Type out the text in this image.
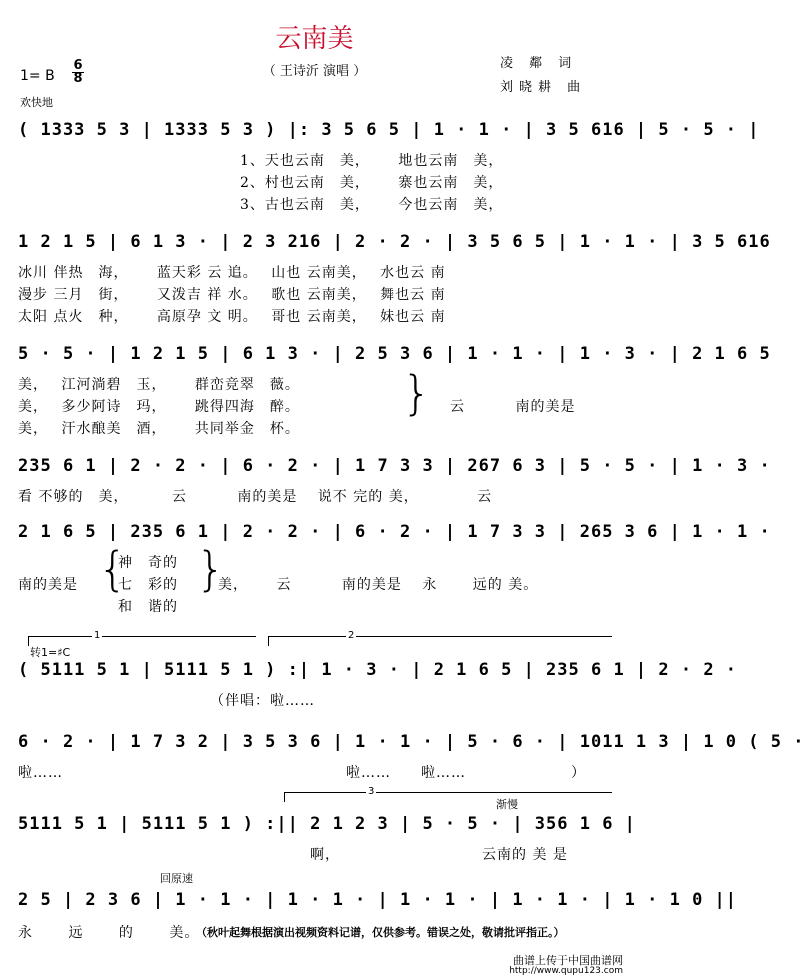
云南美
（ 王诗沂 演唱 ）
凌 鄰 词
刘晓耕 曲
1= B
6
8
欢快地
( 1333 5 3 | 1333 5 3 ) |: 3 5 6 5 | 1 · 1 · | 3 5 616 | 5 · 5 · |
1、天也云南　美，　　 地也云南　美，
2、村也云南　美，　　 寨也云南　美，
3、古也云南　美，　　 今也云南　美，
1 2 1 5 | 6 1 3 · | 2 3 216 | 2 · 2 · | 3 5 6 5 | 1 · 1 · | 3 5 616
冰川 伴热　海，　　 蓝天彩 云 追。　 山也 云南美，　 水也云 南
漫步 三月　街，　　 又泼吉 祥 水。　 歌也 云南美，　 舞也云 南
太阳 点火　种，　　 高原孕 文 明。　 哥也 云南美，　 妹也云 南
5 · 5 · | 1 2 1 5 | 6 1 3 · | 2 5 3 6 | 1 · 1 · | 1 · 3 · | 2 1 6 5
美，　 江河淌碧　玉，　　 群峦竞翠　薇。
美，　 多少阿诗　玛，　　 跳得四海　醉。
美，　 汗水酿美　酒，　　 共同举金　杯。
} 云　　　 南的美是
235 6 1 | 2 · 2 · | 6 · 2 · | 1 7 3 3 | 267 6 3 | 5 · 5 · | 1 · 3 ·
看 不够的　美，　　　 云　　　 南的美是　 说不 完的 美，　　　　 云
2 1 6 5 | 235 6 1 | 2 · 2 · | 6 · 2 · | 1 7 3 3 | 265 3 6 | 1 · 1 ·
南的美是 {
神　奇的
七　彩的
和　谐的
}
美，　　 云　　　 南的美是　 永　　 远的 美。
1	2
转1=♯C
( 5111 5 1 | 5111 5 1 ) :| 1 · 3 · | 2 1 6 5 | 235 6 1 | 2 · 2 ·
（伴唱：啦……
6 · 2 · | 1 7 3 2 | 3 5 3 6 | 1 · 1 · | 5 · 6 · | 1011 1 3 | 1 0 ( 5 ·
啦……	啦……　　啦……　　　　　　　）
3
渐慢
5111 5 1 | 5111 5 1 ) :|| 2 1 2 3 | 5 · 5 · | 356 1 6 |
啊，	云南的 美 是
回原速
2 5 | 2 3 6 | 1 · 1 · | 1 · 1 · | 1 · 1 · | 1 · 1 · | 1 · 1 0 ||
永　　 远　　 的　　 美。
（秋叶起舞根据演出视频资料记谱，仅供参考。错误之处，敬请批评指正。）
曲谱上传于中国曲谱网
http://www.qupu123.com
